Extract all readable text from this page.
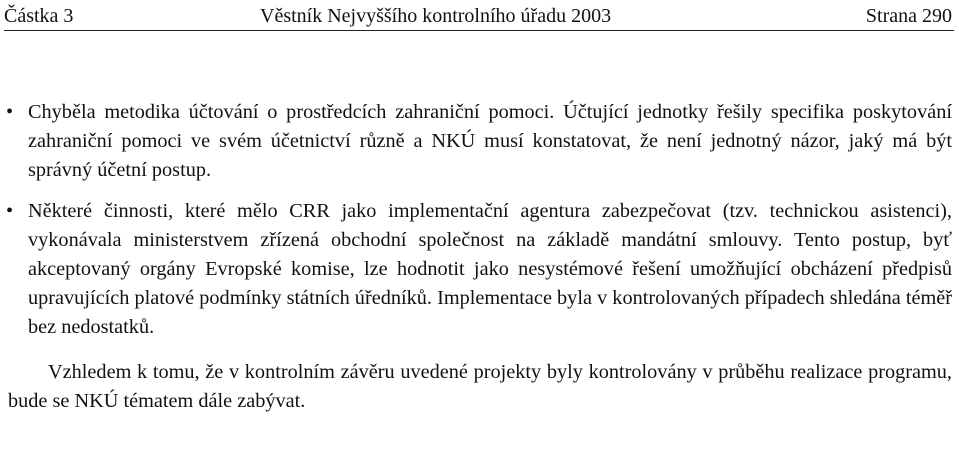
Částka 3	Věstník Nejvyššího kontrolního úřadu 2003	Strana 290
• Chyběla metodika účtování o prostředcích zahraniční pomoci. Účtující jednotky řešily specifika poskytování zahraniční pomoci ve svém účetnictví různě a NKÚ musí konstatovat, že není jednotný názor, jaký má být správný účetní postup.
• Některé činnosti, které mělo CRR jako implementační agentura zabezpečovat (tzv. technickou asistenci), vykonávala ministerstvem zřízená obchodní společnost na základě mandátní smlouvy. Tento postup, byť akceptovaný orgány Evropské komise, lze hodnotit jako nesystémové řešení umožňující obcházení předpisů upravujících platové podmínky státních úředníků. Implementace byla v kontrolovaných případech shledána téměř bez nedostatků.

Vzhledem k tomu, že v kontrolním závěru uvedené projekty byly kontrolovány v průběhu realizace programu, bude se NKÚ tématem dále zabývat.
